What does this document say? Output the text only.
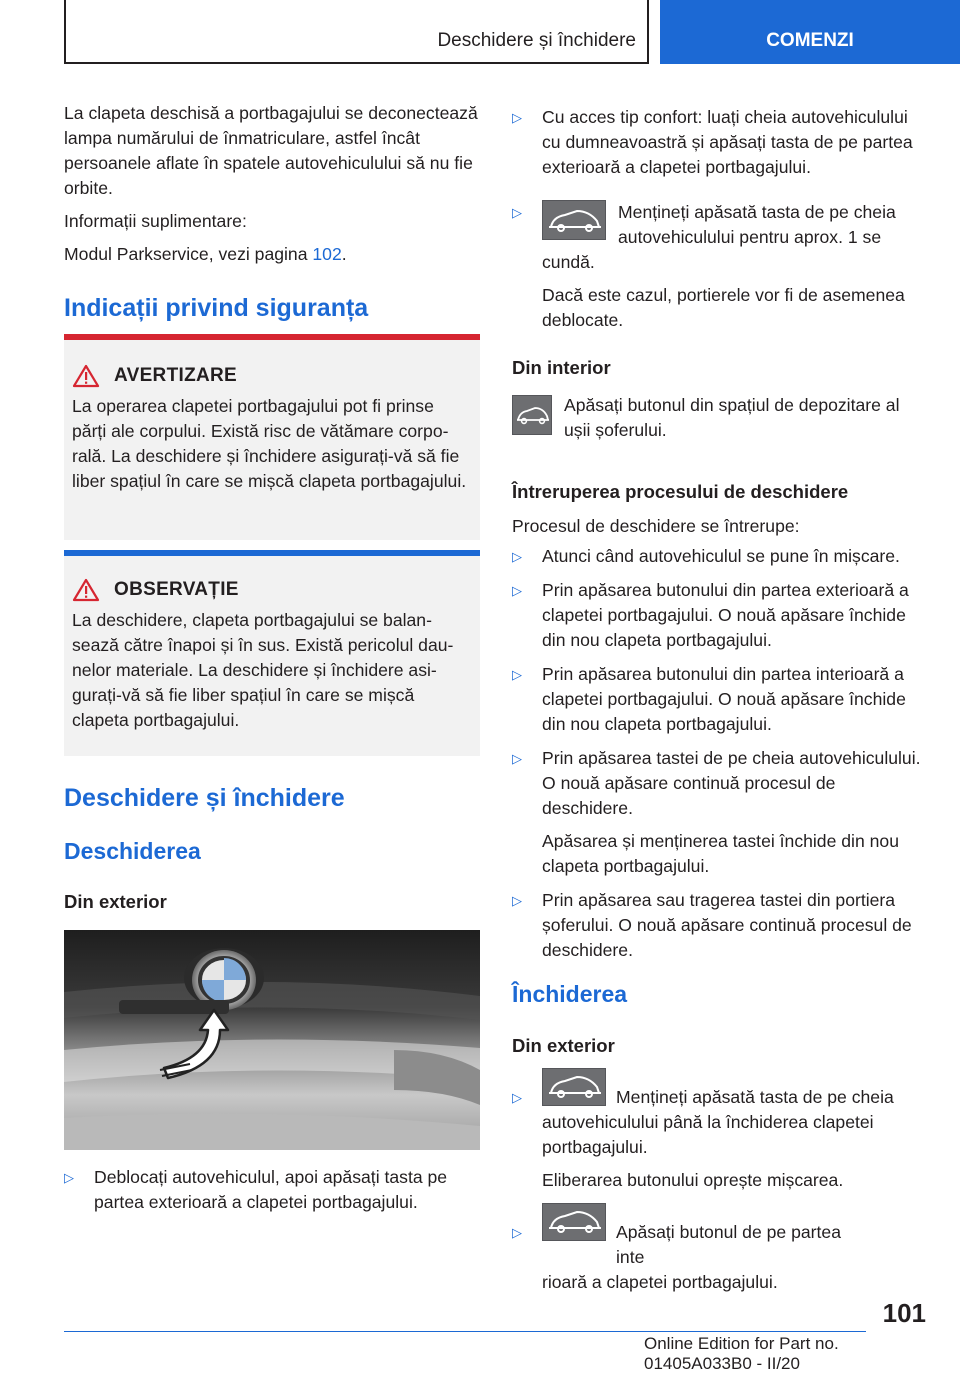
Deschidere și închidere	COMENZI

La clapeta deschisă a portbagajului se deconectează lampa numărului de înmatriculare, astfel încât persoanele aflate în spatele autovehiculului să nu fie orbite.

Informații suplimentare:

Modul Parkservice, vezi pagina 102.

Indicații privind siguranța
AVERTIZARE

La operarea clapetei portbagajului pot fi prinse părți ale corpului. Există risc de vătămare corporală. La deschidere și închidere asigurați-vă să fie liber spațiul în care se mișcă clapeta portbagajului.

OBSERVAȚIE

La deschidere, clapeta portbagajului se balansează către înapoi și în sus. Există pericolul daunelor materiale. La deschidere și închidere asigurați-vă să fie liber spațiul în care se mișcă clapeta portbagajului.

Deschidere și închidere
Deschiderea
Din exterior
▷	Deblocați autovehiculul, apoi apăsați tasta pe partea exterioară a clapetei portbagajului.
▷	Cu acces tip confort: luați cheia autovehiculului cu dumneavoastră și apăsați tasta de pe partea exterioară a clapetei portbagajului.
▷	Mențineți apăsată tasta de pe cheia autovehiculului pentru aprox. 1 se

cundă.

Dacă este cazul, portierele vor fi de asemenea deblocate.

Din interior
Apăsați butonul din spațiul de depozitare al ușii șoferului.
Întreruperea procesului de deschidere

Procesul de deschidere se întrerupe:

▷	Atunci când autovehiculul se pune în mișcare.
▷	Prin apăsarea butonului din partea exterioară a clapetei portbagajului. O nouă apăsare închide din nou clapeta portbagajului.
▷	Prin apăsarea butonului din partea interioară a clapetei portbagajului. O nouă apăsare închide din nou clapeta portbagajului.
▷	Prin apăsarea tastei de pe cheia autovehiculului. O nouă apăsare continuă procesul de deschidere.

Apăsarea și menținerea tastei închide din nou clapeta portbagajului.

▷	Prin apăsarea sau tragerea tastei din portiera șoferului. O nouă apăsare continuă procesul de deschidere.
Închiderea
Din exterior
▷	Mențineți apăsată tasta de pe cheia

autovehiculului până la închiderea clapetei portbagajului.

Eliberarea butonului oprește mișcarea.

▷	Apăsați butonul de pe partea inte

rioară a clapetei portbagajului.

101
Online Edition for Part no. 01405A033B0 - II/20
